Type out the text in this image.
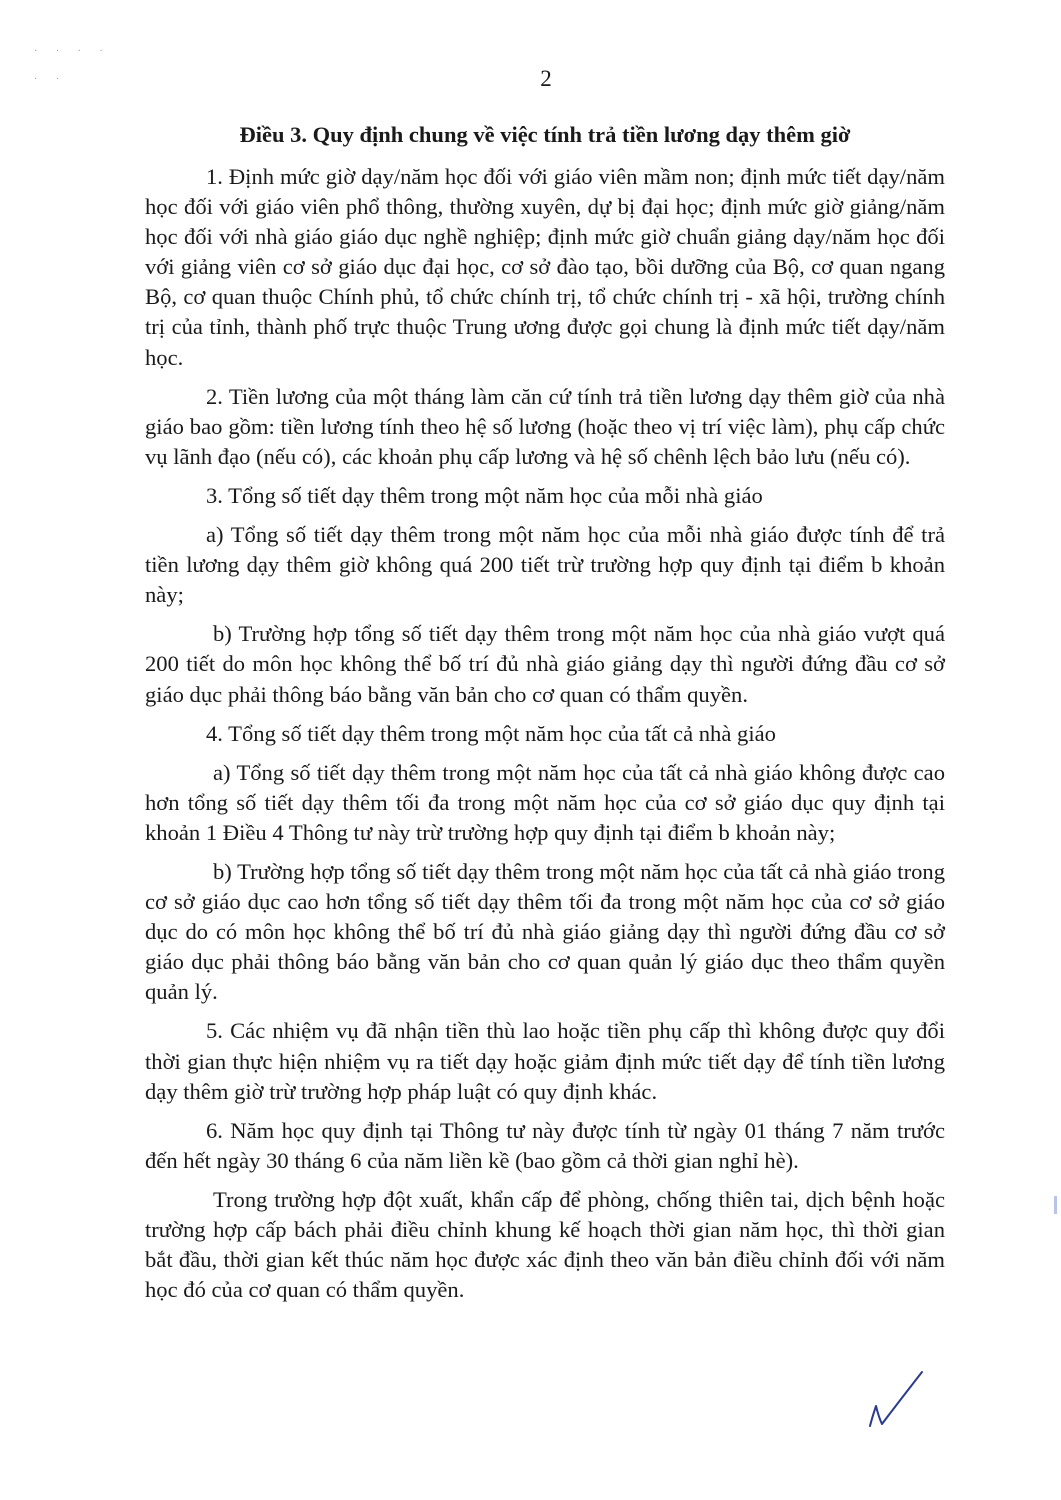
· · · ·
· ·	2
Điều 3. Quy định chung về việc tính trả tiền lương dạy thêm giờ

1. Định mức giờ dạy/năm học đối với giáo viên mầm non; định mức tiết dạy/năm học đối với giáo viên phổ thông, thường xuyên, dự bị đại học; định mức giờ giảng/năm học đối với nhà giáo giáo dục nghề nghiệp; định mức giờ chuẩn giảng dạy/năm học đối với giảng viên cơ sở giáo dục đại học, cơ sở đào tạo, bồi dưỡng của Bộ, cơ quan ngang Bộ, cơ quan thuộc Chính phủ, tổ chức chính trị, tổ chức chính trị - xã hội, trường chính trị của tỉnh, thành phố trực thuộc Trung ương được gọi chung là định mức tiết dạy/năm học.

2. Tiền lương của một tháng làm căn cứ tính trả tiền lương dạy thêm giờ của nhà giáo bao gồm: tiền lương tính theo hệ số lương (hoặc theo vị trí việc làm), phụ cấp chức vụ lãnh đạo (nếu có), các khoản phụ cấp lương và hệ số chênh lệch bảo lưu (nếu có).

3. Tổng số tiết dạy thêm trong một năm học của mỗi nhà giáo

a) Tổng số tiết dạy thêm trong một năm học của mỗi nhà giáo được tính để trả tiền lương dạy thêm giờ không quá 200 tiết trừ trường hợp quy định tại điểm b khoản này;

b) Trường hợp tổng số tiết dạy thêm trong một năm học của nhà giáo vượt quá 200 tiết do môn học không thể bố trí đủ nhà giáo giảng dạy thì người đứng đầu cơ sở giáo dục phải thông báo bằng văn bản cho cơ quan có thẩm quyền.

4. Tổng số tiết dạy thêm trong một năm học của tất cả nhà giáo

a) Tổng số tiết dạy thêm trong một năm học của tất cả nhà giáo không được cao hơn tổng số tiết dạy thêm tối đa trong một năm học của cơ sở giáo dục quy định tại khoản 1 Điều 4 Thông tư này trừ trường hợp quy định tại điểm b khoản này;

b) Trường hợp tổng số tiết dạy thêm trong một năm học của tất cả nhà giáo trong cơ sở giáo dục cao hơn tổng số tiết dạy thêm tối đa trong một năm học của cơ sở giáo dục do có môn học không thể bố trí đủ nhà giáo giảng dạy thì người đứng đầu cơ sở giáo dục phải thông báo bằng văn bản cho cơ quan quản lý giáo dục theo thẩm quyền quản lý.

5. Các nhiệm vụ đã nhận tiền thù lao hoặc tiền phụ cấp thì không được quy đổi thời gian thực hiện nhiệm vụ ra tiết dạy hoặc giảm định mức tiết dạy để tính tiền lương dạy thêm giờ trừ trường hợp pháp luật có quy định khác.

6. Năm học quy định tại Thông tư này được tính từ ngày 01 tháng 7 năm trước đến hết ngày 30 tháng 6 của năm liền kề (bao gồm cả thời gian nghỉ hè).

Trong trường hợp đột xuất, khẩn cấp để phòng, chống thiên tai, dịch bệnh hoặc trường hợp cấp bách phải điều chỉnh khung kế hoạch thời gian năm học, thì thời gian bắt đầu, thời gian kết thúc năm học được xác định theo văn bản điều chỉnh đối với năm học đó của cơ quan có thẩm quyền.
